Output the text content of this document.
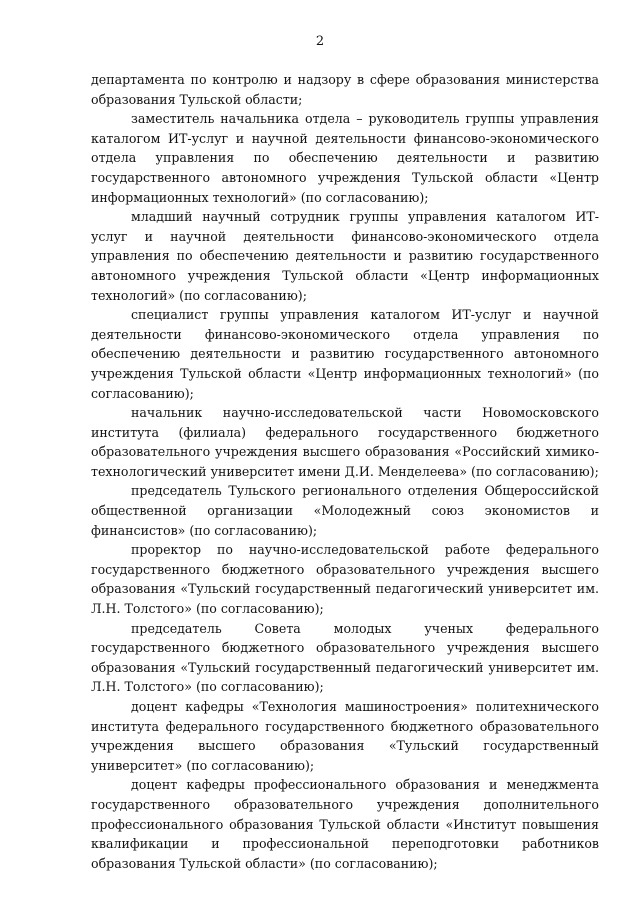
2

департамента по контролю и надзору в сфере образования министерства образования Тульской области;

заместитель начальника отдела – руководитель группы управления каталогом ИТ-услуг и научной деятельности финансово-экономического отдела управления по обеспечению деятельности и развитию государственного автономного учреждения Тульской области «Центр информационных технологий» (по согласованию);

младший научный сотрудник группы управления каталогом ИТ-услуг и научной деятельности финансово-экономического отдела управления по обеспечению деятельности и развитию государственного автономного учреждения Тульской области «Центр информационных технологий» (по согласованию);

специалист группы управления каталогом ИТ-услуг и научной деятельности финансово-экономического отдела управления по обеспечению деятельности и развитию государственного автономного учреждения Тульской области «Центр информационных технологий» (по согласованию);

начальник научно-исследовательской части Новомосковского института (филиала) федерального государственного бюджетного образовательного учреждения высшего образования «Российский химико-технологический университет имени Д.И. Менделеева» (по согласованию);

председатель Тульского регионального отделения Общероссийской общественной организации «Молодежный союз экономистов и финансистов» (по согласованию);

проректор по научно-исследовательской работе федерального государственного бюджетного образовательного учреждения высшего образования «Тульский государственный педагогический университет им. Л.Н. Толстого» (по согласованию);

председатель Совета молодых ученых федерального государственного бюджетного образовательного учреждения высшего образования «Тульский государственный педагогический университет им. Л.Н. Толстого» (по согласованию);

доцент кафедры «Технология машиностроения» политехнического института федерального государственного бюджетного образовательного учреждения высшего образования «Тульский государственный университет» (по согласованию);

доцент кафедры профессионального образования и менеджмента государственного образовательного учреждения дополнительного профессионального образования Тульской области «Институт повышения квалификации и профессиональной переподготовки работников образования Тульской области» (по согласованию);
